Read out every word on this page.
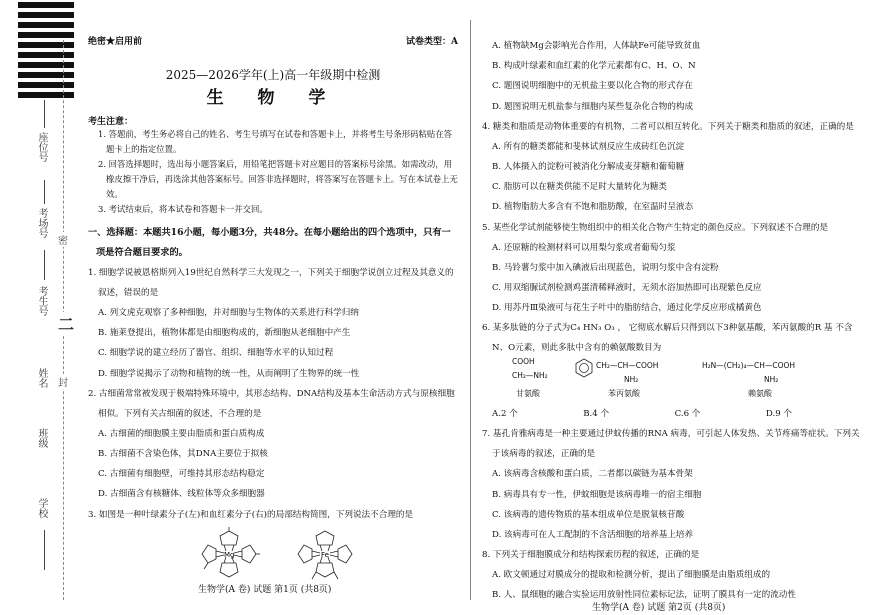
座位号
考场号
考生号
姓名
班级
学校
密
二
封
绝密★启用前	试卷类型：A
2025—2026学年(上)高一年级期中检测
生 物 学
考生注意：
1. 答题前，考生务必将自己的姓名、考生号填写在试卷和答题卡上，并将考生号条形码粘贴在答题卡上的指定位置。
2. 回答选择题时，选出每小题答案后，用铅笔把答题卡对应题目的答案标号涂黑。如需改动，用橡皮擦干净后，再选涂其他答案标号。回答非选择题时，将答案写在答题卡上。写在本试卷上无效。
3. 考试结束后，将本试卷和答题卡一并交回。
一、选择题：本题共16小题，每小题3分，共48分。在每小题给出的四个选项中，只有一项是符合题目要求的。
1. 细胞学说被恩格斯列入19世纪自然科学三大发现之一，下列关于细胞学说创立过程及其意义的叙述，错误的是
A. 列文虎克观察了多种细胞，并对细胞与生物体的关系进行科学归纳
B. 施莱登提出，植物体都是由细胞构成的，新细胞从老细胞中产生
C. 细胞学说的建立经历了器官、组织、细胞等水平的认知过程
D. 细胞学说揭示了动物和植物的统一性，从而阐明了生物界的统一性
2. 古细菌常常被发现于极端特殊环境中，其形态结构、DNA结构及基本生命活动方式与原核细胞相似。下列有关古细菌的叙述，不合理的是
A. 古细菌的细胞膜主要由脂质和蛋白质构成
B. 古细菌不含染色体，其DNA主要位于拟核
C. 古细菌有细胞壁，可维持其形态结构稳定
D. 古细菌含有核糖体、线粒体等众多细胞器
3. 如图是一种叶绿素分子(左)和血红素分子(右)的局部结构简图，下列说法不合理的是
Mg	Fe
生物学(A 卷) 试题 第1页 (共8页)
A. 植物缺Mg会影响光合作用，人体缺Fe可能导致贫血
B. 构成叶绿素和血红素的化学元素都有C、H、O、N
C. 题图说明细胞中的无机盐主要以化合物的形式存在
D. 题图说明无机盐参与细胞内某些复杂化合物的构成
4. 糖类和脂质是动物体重要的有机物，二者可以相互转化。下列关于糖类和脂质的叙述，正确的是
A. 所有的糖类都能和斐林试剂反应生成砖红色沉淀
B. 人体摄入的淀粉可被消化分解成麦芽糖和葡萄糖
C. 脂肪可以在糖类供能不足时大量转化为糖类
D. 植物脂肪大多含有不饱和脂肪酸，在室温时呈液态
5. 某些化学试剂能够使生物组织中的相关化合物产生特定的颜色反应。下列叙述不合理的是
A. 还原糖的检测材料可以用梨匀浆或者葡萄匀浆
B. 马铃薯匀浆中加入碘液后出现蓝色，说明匀浆中含有淀粉
C. 用双缩脲试剂检测鸡蛋清稀释液时，无须水浴加热即可出现紫色反应
D. 用苏丹Ⅲ染液可与花生子叶中的脂肪结合，通过化学反应形成橘黄色
6. 某多肽链的分子式为C₄ HN₃ O₃ ， 它彻底水解后只得到以下3种氨基酸，苯丙氨酸的R 基 不含 N、O元素，则此多肽中含有的赖氨酸数目为
COOH
CH₂—NH₂
甘氨酸
CH₂—CH—COOH
NH₂
苯丙氨酸
H₂N—(CH₂)₄—CH—COOH
NH₂
赖氨酸
A.2 个	B.4 个	C.6 个	D.9 个
7. 基孔肯雅病毒是一种主要通过伊蚊传播的RNA 病毒，可引起人体发热、关节疼痛等症状。下列关于该病毒的叙述，正确的是
A. 该病毒含核酸和蛋白质，二者都以碳链为基本骨架
B. 病毒具有专一性，伊蚊细胞是该病毒唯一的宿主细胞
C. 该病毒的遗传物质的基本组成单位是脱氧核苷酸
D. 该病毒可在人工配制的不含活细胞的培养基上培养
8. 下列关于细胞膜成分和结构探索历程的叙述，正确的是
A. 欧文顿通过对膜成分的提取和检测分析，提出了细胞膜是由脂质组成的
B. 人、鼠细胞的融合实验运用放射性同位素标记法，证明了膜具有一定的流动性
生物学(A 卷) 试题 第2页 (共8页)
